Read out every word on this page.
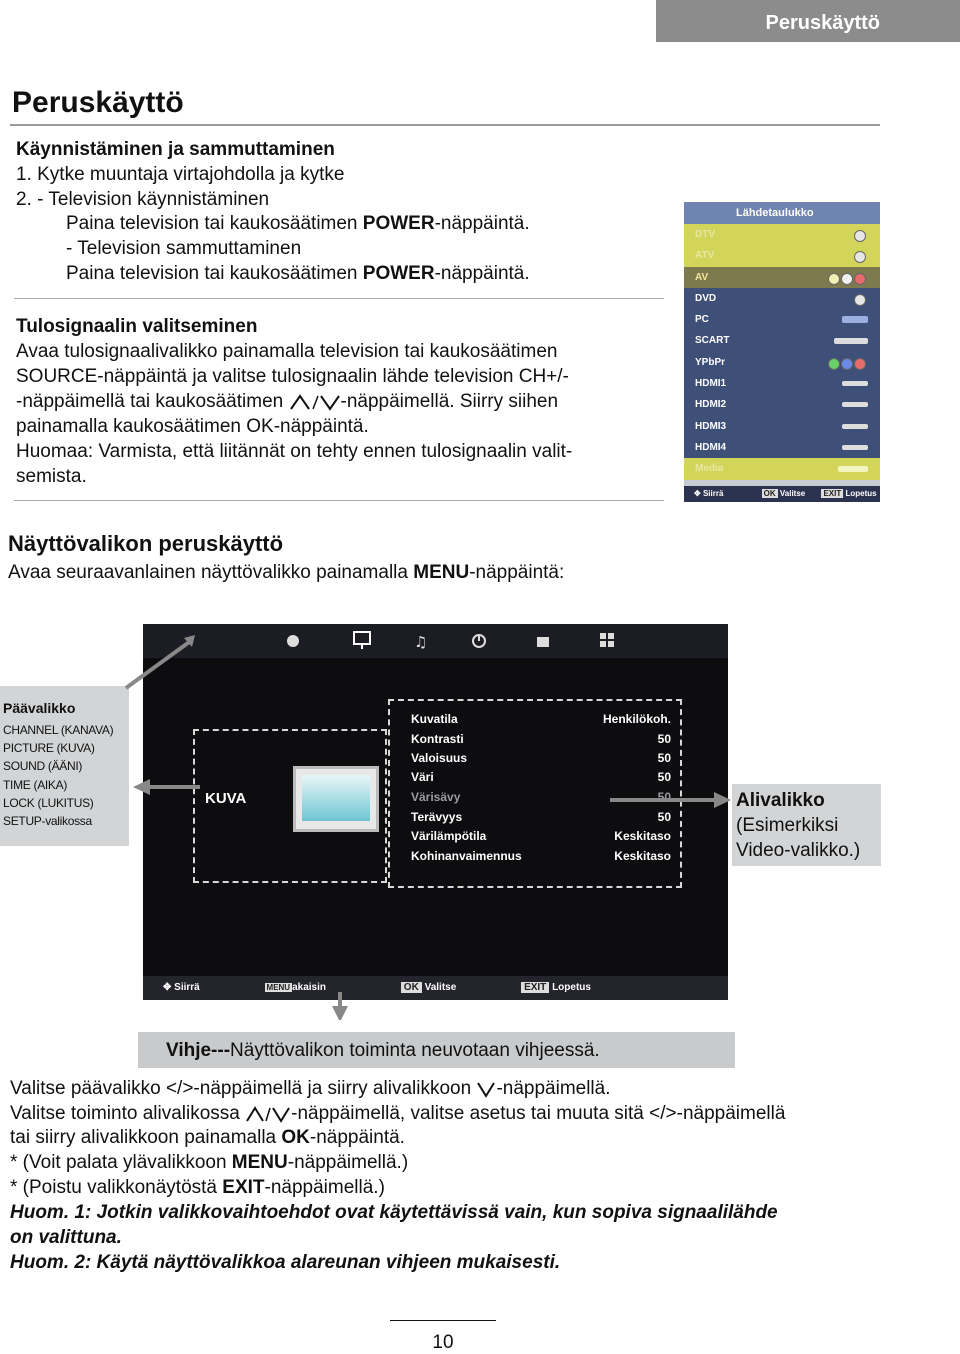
Peruskäyttö
Peruskäyttö
Käynnistäminen ja sammuttaminen
1. Kytke muuntaja virtajohdolla ja kytke
2. - Television käynnistäminen
Paina television tai kaukosäätimen POWER-näppäintä.
- Television sammuttaminen
Paina television tai kaukosäätimen POWER-näppäintä.
Tulosignaalin valitseminen
Avaa tulosignaalivalikko painamalla television tai kaukosäätimen
SOURCE-näppäintä ja valitse tulosignaalin lähde television CH+/-
-näppäimellä tai kaukosäätimen	-näppäimellä. Siirry siihen
painamalla kaukosäätimen OK-näppäintä.
Huomaa: Varmista, että liitännät on tehty ennen tulosignaalin valit-
semista.
Lähdetaulukko
DTV
ATV
AV
DVD
PC
SCART
YPbPr
HDMI1
HDMI2
HDMI3
HDMI4
Media
✥ Siirrä	OK Valitse EXIT Lopetus
Näyttövalikon peruskäyttö
Avaa seuraavanlainen näyttövalikko painamalla MENU-näppäintä:
♫
KUVA
Kuvatila	Henkilökoh.
Kontrasti	50
Valoisuus	50
Väri	50
Värisävy	50
Terävyys	50
Värilämpötila	Keskitaso
Kohinanvaimennus	Keskitaso
✥ Siirrä	MENU akaisin	OK Valitse	EXIT Lopetus
Päävalikko
CHANNEL (KANAVA)
PICTURE (KUVA)
SOUND (ÄÄNI)
TIME (AIKA)
LOCK (LUKITUS)
SETUP-valikossa
Alivalikko
(Esimerkiksi
Video-valikko.)
Vihje---Näyttövalikon toiminta neuvotaan vihjeessä.
Valitse päävalikko </>-näppäimellä ja siirry alivalikkoon -näppäimellä.
Valitse toiminto alivalikossa -näppäimellä, valitse asetus tai muuta sitä </>-näppäimellä
tai siirry alivalikkoon painamalla OK-näppäintä.
* (Voit palata ylävalikkoon MENU-näppäimellä.)
* (Poistu valikkonäytöstä EXIT-näppäimellä.)
Huom. 1: Jotkin valikkovaihtoehdot ovat käytettävissä vain, kun sopiva signaalilähde
on valittuna.
Huom. 2: Käytä näyttövalikkoa alareunan vihjeen mukaisesti.
10
